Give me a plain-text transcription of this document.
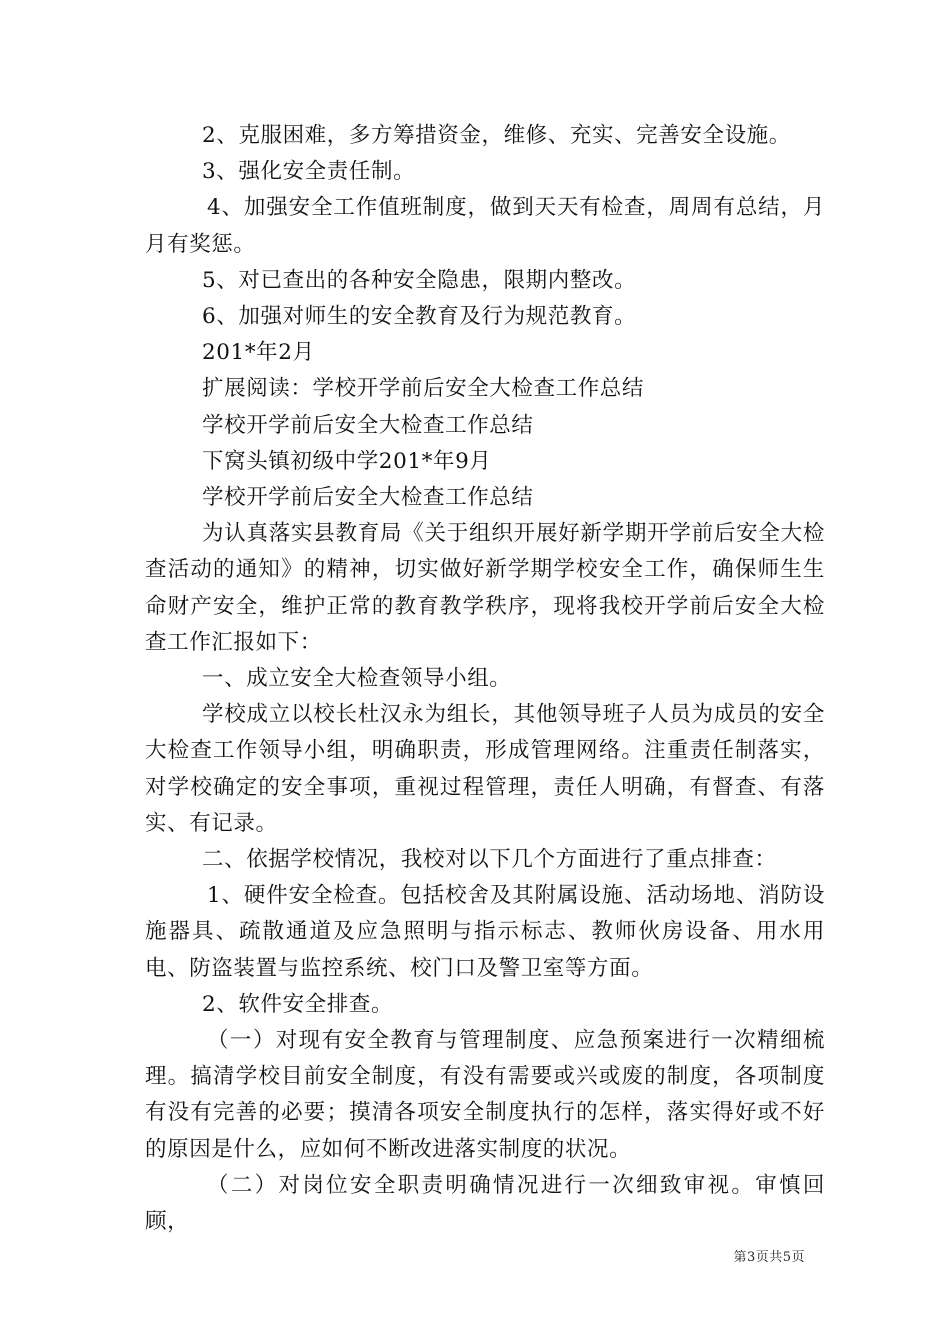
2、克服困难，多方筹措资金，维修、充实、完善安全设施。

3、强化安全责任制。

4、加强安全工作值班制度，做到天天有检查，周周有总结，月月有奖惩。

5、对已查出的各种安全隐患，限期内整改。

6、加强对师生的安全教育及行为规范教育。

201*年2月

扩展阅读：学校开学前后安全大检查工作总结

学校开学前后安全大检查工作总结

下窝头镇初级中学201*年9月

学校开学前后安全大检查工作总结

为认真落实县教育局《关于组织开展好新学期开学前后安全大检查活动的通知》的精神，切实做好新学期学校安全工作，确保师生生命财产安全，维护正常的教育教学秩序，现将我校开学前后安全大检查工作汇报如下：

一、成立安全大检查领导小组。

学校成立以校长杜汉永为组长，其他领导班子人员为成员的安全大检查工作领导小组，明确职责，形成管理网络。注重责任制落实，对学校确定的安全事项，重视过程管理，责任人明确，有督查、有落实、有记录。

二、依据学校情况，我校对以下几个方面进行了重点排查：

1、硬件安全检查。包括校舍及其附属设施、活动场地、消防设施器具、疏散通道及应急照明与指示标志、教师伙房设备、用水用电、防盗装置与监控系统、校门口及警卫室等方面。

2、软件安全排查。

（一）对现有安全教育与管理制度、应急预案进行一次精细梳理。搞清学校目前安全制度，有没有需要或兴或废的制度，各项制度有没有完善的必要；摸清各项安全制度执行的怎样，落实得好或不好的原因是什么，应如何不断改进落实制度的状况。

（二）对岗位安全职责明确情况进行一次细致审视。审慎回顾，

第3页共5页
